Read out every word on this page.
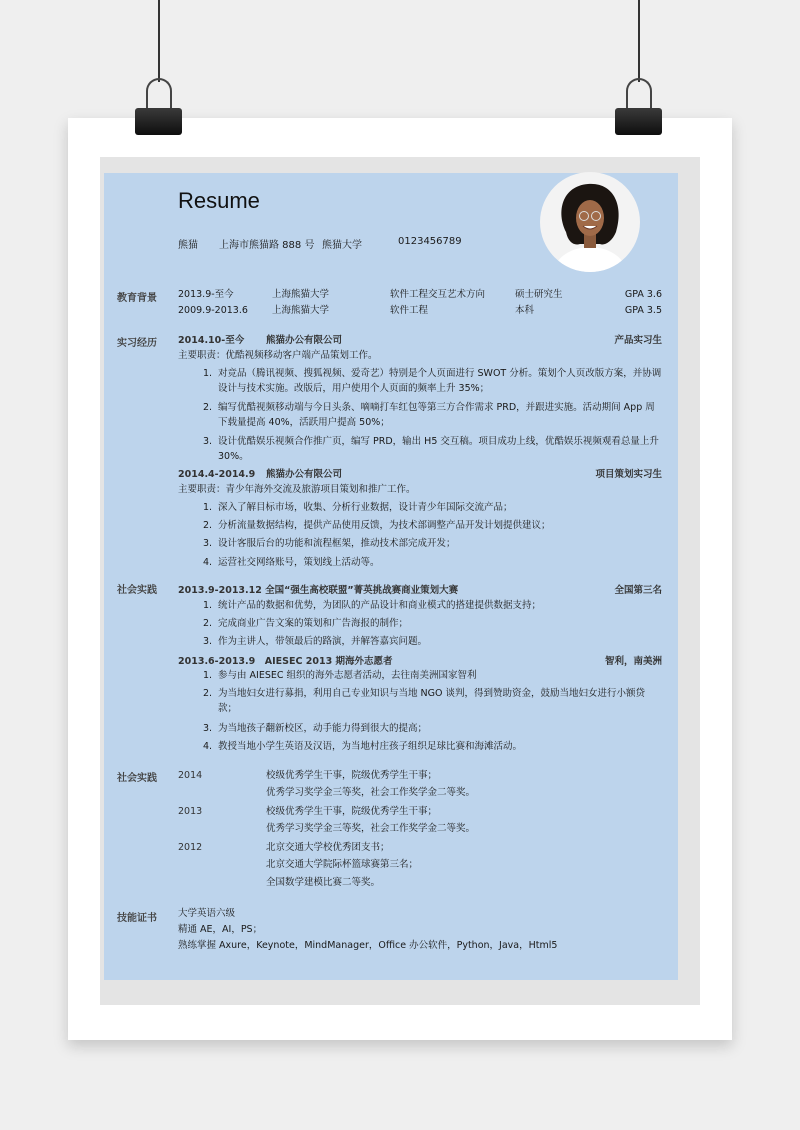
Resume
熊猫 上海市熊猫路 888 号 熊猫大学	0123456789
教育背景 2013.9-至今	上海熊猫大学	软件工程交互艺术方向	硕士研究生	GPA 3.6
2009.9-2013.6	上海熊猫大学	软件工程	本科	GPA 3.5
实习经历 2014.10-至今 熊猫办公有限公司	产品实习生
主要职责：优酷视频移动客户端产品策划工作。
1. 对竞品（腾讯视频、搜狐视频、爱奇艺）特别是个人页面进行 SWOT 分析。策划个人页改版方案，并协调设计与技术实施。改版后，用户使用个人页面的频率上升 35%；
2. 编写优酷视频移动端与今日头条、嘀嘀打车红包等第三方合作需求 PRD，并跟进实施。活动期间 App 周下载量提高 40%，活跃用户提高 50%；
3. 设计优酷娱乐视频合作推广页，编写 PRD，输出 H5 交互稿。项目成功上线，优酷娱乐视频观看总量上升 30%。
2014.4-2014.9 熊猫办公有限公司	项目策划实习生
主要职责：青少年海外交流及旅游项目策划和推广工作。
1. 深入了解目标市场，收集、分析行业数据，设计青少年国际交流产品；
2. 分析流量数据结构，提供产品使用反馈，为技术部调整产品开发计划提供建议；
3. 设计客服后台的功能和流程框架，推动技术部完成开发；
4. 运营社交网络账号，策划线上活动等。
社会实践 2013.9-2013.12 全国“强生高校联盟”菁英挑战赛商业策划大赛	全国第三名
1. 统计产品的数据和优势，为团队的产品设计和商业模式的搭建提供数据支持；
2. 完成商业广告文案的策划和广告海报的制作；
3. 作为主讲人，带领最后的路演，并解答嘉宾问题。
2013.6-2013.9　AIESEC 2013 期海外志愿者	智利，南美洲
1. 参与由 AIESEC 组织的海外志愿者活动，去往南美洲国家智利
2. 为当地妇女进行募捐，利用自己专业知识与当地 NGO 谈判，得到赞助资金，鼓励当地妇女进行小额贷款；
3. 为当地孩子翻新校区，动手能力得到很大的提高；
4. 教授当地小学生英语及汉语，为当地村庄孩子组织足球比赛和海滩活动。
社会实践 2014	校级优秀学生干事，院级优秀学生干事；
优秀学习奖学金三等奖，社会工作奖学金二等奖。
2013	校级优秀学生干事，院级优秀学生干事；
优秀学习奖学金三等奖，社会工作奖学金二等奖。
2012	北京交通大学校优秀团支书；
北京交通大学院际杯篮球赛第三名；
全国数学建模比赛二等奖。
技能证书 大学英语六级
精通 AE，AI，PS；
熟练掌握 Axure，Keynote，MindManager，Office 办公软件，Python，Java，Html5
